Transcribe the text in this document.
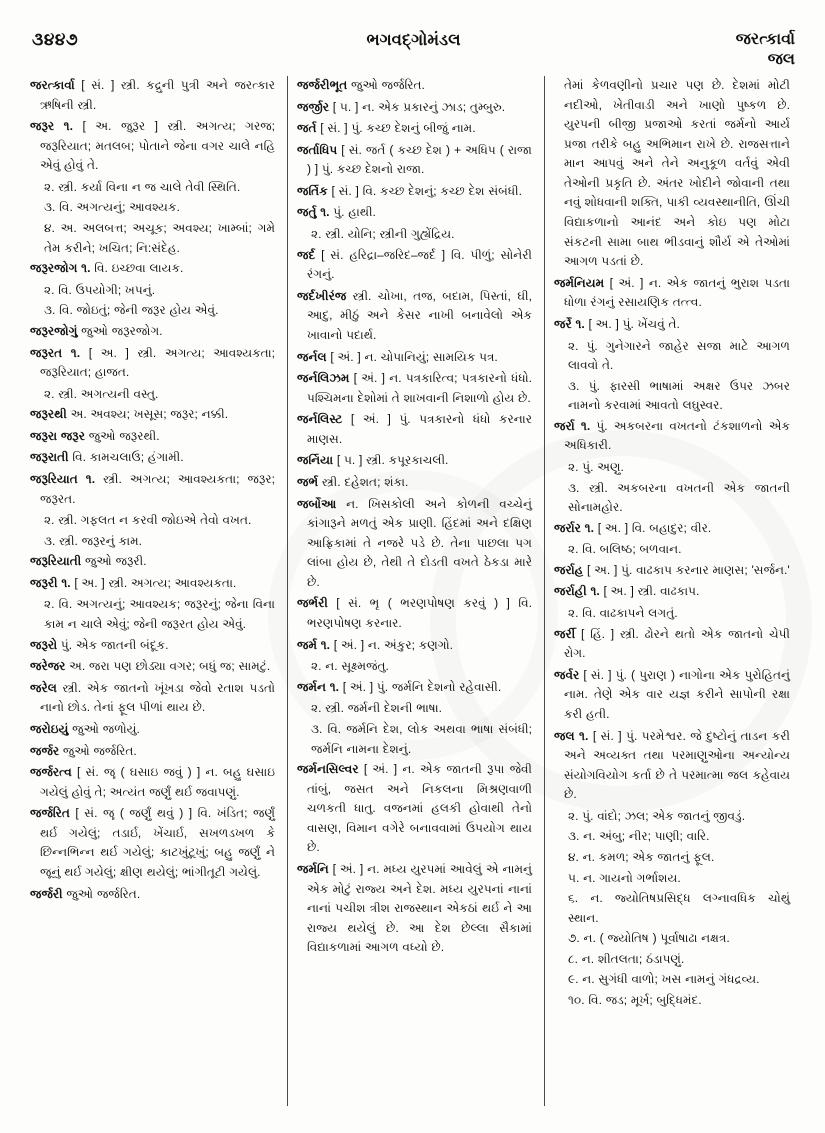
૩૪૪૭	ભગવદ્ગોમંડલ	જરત્કાર્વા
જલ

જરત્કાર્વા [ સં. ] સ્ત્રી. કદ્રુની પુત્રી અને જરત્કાર ઋષિની સ્ત્રી.

જરૂર ૧. [ અ. જુરૂર ] સ્ત્રી. અગત્ય; ગરજ; જરૂરિયાત; મતલબ; પોતાને જેના વગર ચાલે નહિ એવું હોવું તે.

૨. સ્ત્રી. કર્યા વિના ન જ ચાલે તેવી સ્થિતિ.

૩. વિ. અગત્યનું; આવશ્યક.

૪. અ. અલબત્ત; અચૂક; અવશ્ય; ખામ્બાં; ગમે તેમ કરીને; ખચિત; નિ:સંદેહ.

જરૂરજોગ ૧. વિ. ઇચ્છવા લાયક.

૨. વિ. ઉપયોગી; ખપનું.

૩. વિ. જોઇતું; જેની જરૂર હોય એવું.

જરૂરજોગું જુઓ જરૂરજોગ.

જરૂરત ૧. [ અ. ] સ્ત્રી. અગત્ય; આવશ્યકતા; જરૂરિયાત; હાજત.

૨. સ્ત્રી. અગત્યની વસ્તુ.

જરૂરથી અ. અવશ્ય; ખસૂસ; જરૂર; નક્કી.

જરૂરા જરૂર જુઓ જરૂરથી.

જરૂરાતી વિ. કામચલાઉ; હંગામી.

જરૂરિયાત ૧. સ્ત્રી. અગત્ય; આવશ્યકતા; જરૂર; જરૂરત.

૨. સ્ત્રી. ગફલત ન કરવી જોઇએ તેવો વખત.

૩. સ્ત્રી. જરૂરનું કામ.

જરૂરિયાતી જુઓ જરૂરી.

જરૂરી ૧. [ અ. ] સ્ત્રી. અગત્ય; આવશ્યકતા.

૨. વિ. અગત્યનું; આવશ્યક; જરૂરનું; જેના વિના કામ ન ચાલે એવું; જેની જરૂરત હોય એવું.

જરૂરો પું. એક જાતની બંદૂક.

જરેજર અ. જરા પણ છોડ્યા વગર; બધું જ; સામટું.

જરેલ સ્ત્રી. એક જાતનો ખૂંખડા જેવો રતાશ પડતો નાનો છોડ. તેનાં ફૂલ પીળાં થાય છે.

જરોઇયું જુઓ જળોયું.

જર્જર જુઓ જર્જરિત.

જર્જરત્વ [ સં. જૄ ( ઘસાઇ જવું ) ] ન. બહુ ઘસાઇ ગયેલું હોવું તે; અત્યંત જર્ણું થર્ઇ જવાપણું.

જર્જરિત [ સં. જૄ ( જર્ણું થવું ) ] વિ. ખંડિત; જર્ણું થર્ઇ ગયેલું; તડાર્ઇ, ખેંચાર્ઇ, સખળડખળ કે છિન્નભિન્ન થર્ઇ ગયેલું; કાટખુંટૂખું; બહુ જર્ણું ને જૂનું થર્ઇ ગયેલું; ક્ષીણ થયેલું; ભાંગીતૂટી ગયેલું.

જર્જરી જુઓ જર્જરિત.

જર્જરીભૂત જુઓ જર્જરિત.

જર્જીર [ ૫. ] ન. એક પ્રકારનું ઝાડ; તુમ્બુરુ.

જર્ત [ સં. ] પું. કચ્છ દેશનું બીજું નામ.

જર્તાધિપ [ સં. જર્ત ( કચ્છ દેશ ) + અધિપ ( રાજા ) ] પું. કચ્છ દેશનો રાજા.

જર્તિક [ સં. ] વિ. કચ્છ દેશનું; કચ્છ દેશ સંબંધી.

જર્તુ ૧. પું. હાથી.

૨. સ્ત્રી. યોનિ; સ્ત્રીની ગુહ્યેંદ્રિય.

જર્દ [ સં. હરિદ્રા–જરિદ–જર્દ ] વિ. પીળું; સોનેરી રંગનું.

જર્દખીરંજ સ્ત્રી. ચોખા, તજ, બદામ, પિસ્તાં, ઘી, આદુ, મીઠું અને કેસર નાખી બનાવેલો એક ખાવાનો પદાર્થ.

જર્નલ [ અં. ] ન. ચોપાનિયું; સામયિક પત્ર.

જર્નલિઝમ [ અં. ] ન. પત્રકારિત્વ; પત્રકારનો ધંધો. પશ્ચિમના દેશોમાં તે શાખવાની નિશાળો હોય છે.

જર્નલિસ્ટ [ અં. ] પું. પત્રકારનો ધંધો કરનાર માણસ.

જર્નિયા [ ૫. ] સ્ત્રી. કપૂરકાચલી.

જર્ભ સ્ત્રી. દહેશત; શંકા.

જર્બોઆ ન. ખિસકોલી અને કોળની વચ્ચેનું કાંગારૂને મળતું એક પ્રાણી. હિંદમાં અને દક્ષિણ આફ્રિકામાં તે નજરે પડે છે. તેના પાછલા પગ લાંબા હોય છે, તેથી તે દોડતી વખતે ઠેકડા મારે છે.

જર્ભરી [ સં. ભૃ ( ભરણપોષણ કરવું ) ] વિ. ભરણપોષણ કરનાર.

જર્મ ૧. [ અં. ] ન. અંકુર; કણગો.

૨. ન. સૂક્ષ્મજંતુ.

જર્મન ૧. [ અં. ] પું. જર્મનિ દેશનો રહેવાસી.

૨. સ્ત્રી. જર્મની દેશની ભાષા.

૩. વિ. જર્મનિ દેશ, લોક અથવા ભાષા સંબંધી; જર્મનિ નામના દેશનું.

જર્મનસિલ્વર [ અં. ] ન. એક જાતની રૂપા જેવી તાંબું, જસત અને નિકલના મિશ્રણવાળી ચળકતી ધાતુ. વજનમાં હલકી હોવાથી તેનો વાસણ, વિમાન વગેરે બનાવવામાં ઉપયોગ થાય છે.

જર્મનિ [ અં. ] ન. મધ્ય યુરપમાં આવેલું એ નામનું એક મોટું રાજ્ય અને દેશ. મધ્ય યુરપનાં નાનાં નાનાં પચીશ ત્રીશ રાજસ્થાન એકઠાં થર્ઇ ને આ રાજ્ય થયેલું છે. આ દેશ છેલ્લા સૈકામાં વિદ્યાકળામાં આગળ વધ્યો છે.

તેમાં કેળવણીનો પ્રચાર પણ છે. દેશમાં મોટી નદીઓ, ખેતીવાડી અને ખાણો પુષ્કળ છે. યુરપની બીજી પ્રજાઓ કરતાં જર્મનો આર્ય પ્રજા તરીકે બહુ અભિમાન રાખે છે. રાજસત્તાને માન આપવું અને તેને અનુકૂળ વર્તવું એવી તેઓની પ્રકૃતિ છે. અંતર ખોદીને જોવાની તથા નવું શોધવાની શક્તિ, પાકી વ્યવસ્થાનીતિ, ઊંચી વિદ્યાકળાનો આનંદ અને કોઇ પણ મોટા સંકટની સામા બાથ ભીડવાનું શૌર્ય એ તેઓમાં આગળ પડતાં છે.

જર્મનિયમ [ અં. ] ન. એક જાતનું ભુરાશ પડતા ધોળા રંગનું રસાયણિક તત્ત્વ.

જર્રે ૧. [ અ. ] પું. ખેંચવું તે.

૨. પું. ગુનેગારને જાહેર સજા માટે આગળ લાવવો તે.

૩. પું. ફારસી ભાષામાં અક્ષર ઉપર ઝબર નામનો કરવામાં આવતો લઘુસ્વર.

જર્રા ૧. પું. અકબરના વખતનો ટંકશાળનો એક અધિકારી.

૨. પું. અણુ.

૩. સ્ત્રી. અકબરના વખતની એક જાતની સોનામહોર.

જર્રાર ૧. [ અ. ] વિ. બહાદુર; વીર.

૨. વિ. બલિષ્ઠ; બળવાન.

જર્રાહ [ અ. ] પું. વાઢકાપ કરનાર માણસ; 'સર્જન.'

જર્રાહી ૧. [ અ. ] સ્ત્રી. વાઢકાપ.

૨. વિ. વાઢકાપને લગતું.

જર્રી [ હિં. ] સ્ત્રી. ઢોરને થતો એક જાતનો ચેપી રોગ.

જર્વર [ સં. ] પું. ( પુરાણ ) નાગોના એક પુરોહિતનું નામ. તેણે એક વાર યજ્ઞ કરીને સાપોની રક્ષા કરી હતી.

જલ ૧. [ સં. ] પું. પરમેશ્વર. જે દુષ્ટોનું તાડન કરી અને અવ્યક્ત તથા પરમાણુઓના અન્યોન્ય સંયોગવિયોગ કર્તા છે તે પરમાત્મા જલ કહેવાય છે.

૨. પું. વાંદો; ઝલ; એક જાતનું જીવડું.

૩. ન. અંબુ; નીર; પાણી; વારિ.

૪. ન. કમળ; એક જાતનું ફૂલ.

૫. ન. ગાયનો ગર્ભાશય.

૬. ન. જ્યોતિષપ્રસિદ્ધ લગ્નાવધિક ચોથું સ્થાન.

૭. ન. ( જ્યોતિષ ) પૂર્વાષાઢા નક્ષત્ર.

૮. ન. શીતલતા; ઠંડાપણું.

૯. ન. સુગંધી વાળો; ખસ નામનું ગંધદ્રવ્ય.

૧૦. વિ. જડ; મૂર્ખ; બુદ્ધિમંદ.
